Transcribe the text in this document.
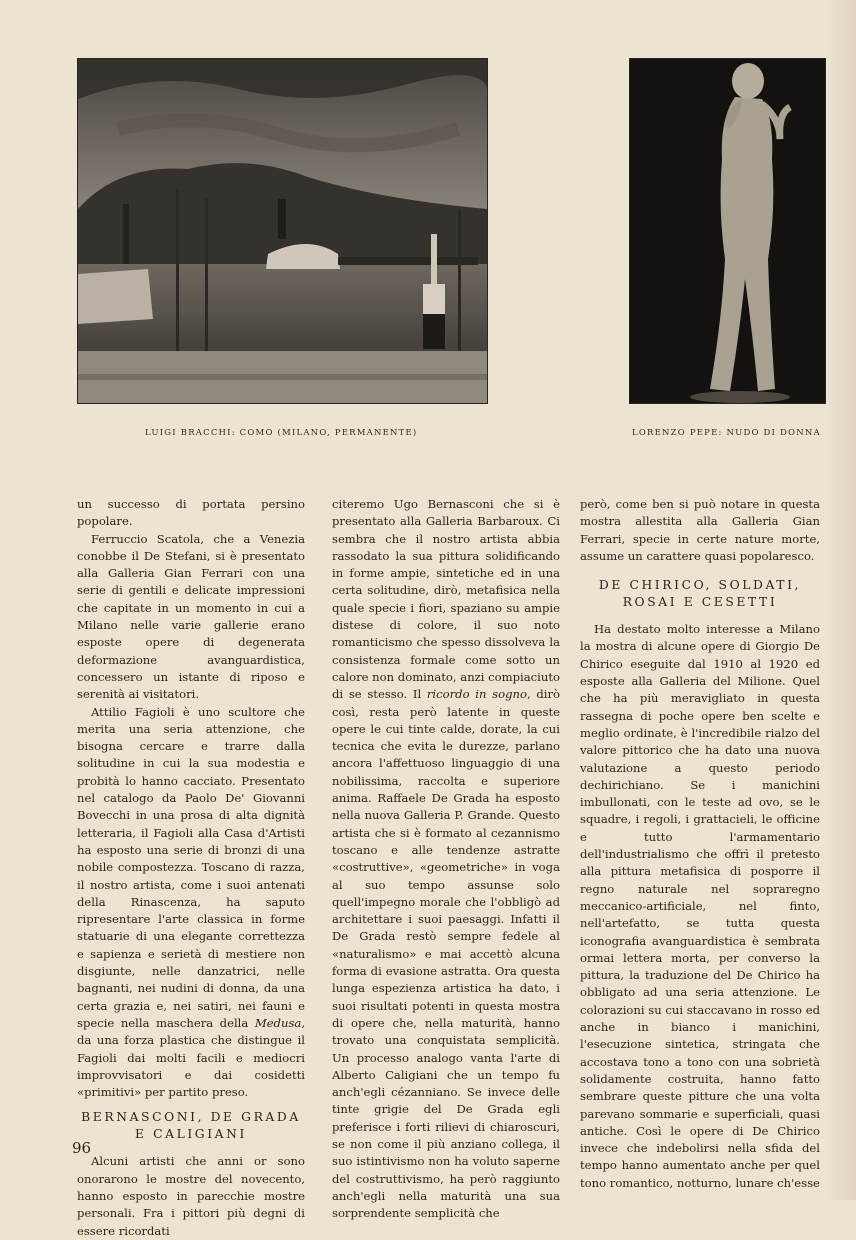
LUIGI BRACCHI: COMO (MILANO, PERMANENTE)	LORENZO PEPE: NUDO DI DONNA

un successo di portata persino popolare.

Ferruccio Scatola, che a Venezia conobbe il De Stefani, si è presentato alla Galleria Gian Ferrari con una serie di gentili e delicate impressioni che capitate in un momento in cui a Milano nelle varie gallerie erano esposte opere di degenerata deformazione avanguardistica, concessero un istante di riposo e serenità ai visitatori.

Attilio Fagioli è uno scultore che merita una seria attenzione, che bisogna cercare e trarre dalla solitudine in cui la sua modestia e probità lo hanno cacciato. Presentato nel catalogo da Paolo De' Giovanni Bovecchi in una prosa di alta dignità letteraria, il Fagioli alla Casa d'Artisti ha esposto una serie di bronzi di una nobile compostezza. Toscano di razza, il nostro artista, come i suoi antenati della Rinascenza, ha saputo ripresentare l'arte classica in forme statuarie di una elegante correttezza e sapienza e serietà di mestiere non disgiunte, nelle danzatrici, nelle bagnanti, nei nudini di donna, da una certa grazia e, nei satiri, nei fauni e specie nella maschera della Medusa, da una forza plastica che distingue il Fagioli dai molti facili e mediocri improvvisatori e dai cosidetti «primitivi» per partito preso.

BERNASCONI, DE GRADA E CALIGIANI

Alcuni artisti che anni or sono onorarono le mostre del novecento, hanno esposto in parecchie mostre personali. Fra i pittori più degni di essere ricordati

citeremo Ugo Bernasconi che si è presentato alla Galleria Barbaroux. Ci sembra che il nostro artista abbia rassodato la sua pittura solidificando in forme ampie, sintetiche ed in una certa solitudine, dirò, metafisica nella quale specie i fiori, spaziano su ampie distese di colore, il suo noto romanticismo che spesso dissolveva la consistenza formale come sotto un calore non dominato, anzi compiaciuto di se stesso. Il ricordo in sogno, dirò così, resta però latente in queste opere le cui tinte calde, dorate, la cui tecnica che evita le durezze, parlano ancora l'affettuoso linguaggio di una nobilissima, raccolta e superiore anima. Raffaele De Grada ha esposto nella nuova Galleria P. Grande. Questo artista che si è formato al cezannismo toscano e alle tendenze astratte «costruttive», «geometriche» in voga al suo tempo assunse solo quell'impegno morale che l'obbligò ad architettare i suoi paesaggi. Infatti il De Grada restò sempre fedele al «naturalismo» e mai accettò alcuna forma di evasione astratta. Ora questa lunga espezienza artistica ha dato, i suoi risultati potenti in questa mostra di opere che, nella maturità, hanno trovato una conquistata semplicità. Un processo analogo vanta l'arte di Alberto Caligiani che un tempo fu anch'egli cézanniano. Se invece delle tinte grigie del De Grada egli preferisce i forti rilievi di chiaroscuri, se non come il più anziano collega, il suo istintivismo non ha voluto saperne del costruttivismo, ha però raggiunto anch'egli nella maturità una sua sorprendente semplicità che

però, come ben si può notare in questa mostra allestita alla Galleria Gian Ferrari, specie in certe nature morte, assume un carattere quasi popolaresco.

DE CHIRICO, SOLDATI, ROSAI E CESETTI

Ha destato molto interesse a Milano la mostra di alcune opere di Giorgio De Chirico eseguite dal 1910 al 1920 ed esposte alla Galleria del Milione. Quel che ha più meravigliato in questa rassegna di poche opere ben scelte e meglio ordinate, è l'incredibile rialzo del valore pittorico che ha dato una nuova valutazione a questo periodo dechirichiano. Se i manichini imbullonati, con le teste ad ovo, se le squadre, i regoli, i grattacieli, le officine e tutto l'armamentario dell'industrialismo che offrì il pretesto alla pittura metafisica di posporre il regno naturale nel sopraregno meccanico-artificiale, nel finto, nell'artefatto, se tutta questa iconografia avanguardistica è sembrata ormai lettera morta, per converso la pittura, la traduzione del De Chirico ha obbligato ad una seria attenzione. Le colorazioni su cui staccavano in rosso ed anche in bianco i manichini, l'esecuzione sintetica, stringata che accostava tono a tono con una sobrietà solidamente costruita, hanno fatto sembrare queste pitture che una volta parevano sommarie e superficiali, quasi antiche. Così le opere di De Chirico invece che indebolirsi nella sfida del tempo hanno aumentato anche per quel tono romantico, notturno, lunare ch'esse

96
